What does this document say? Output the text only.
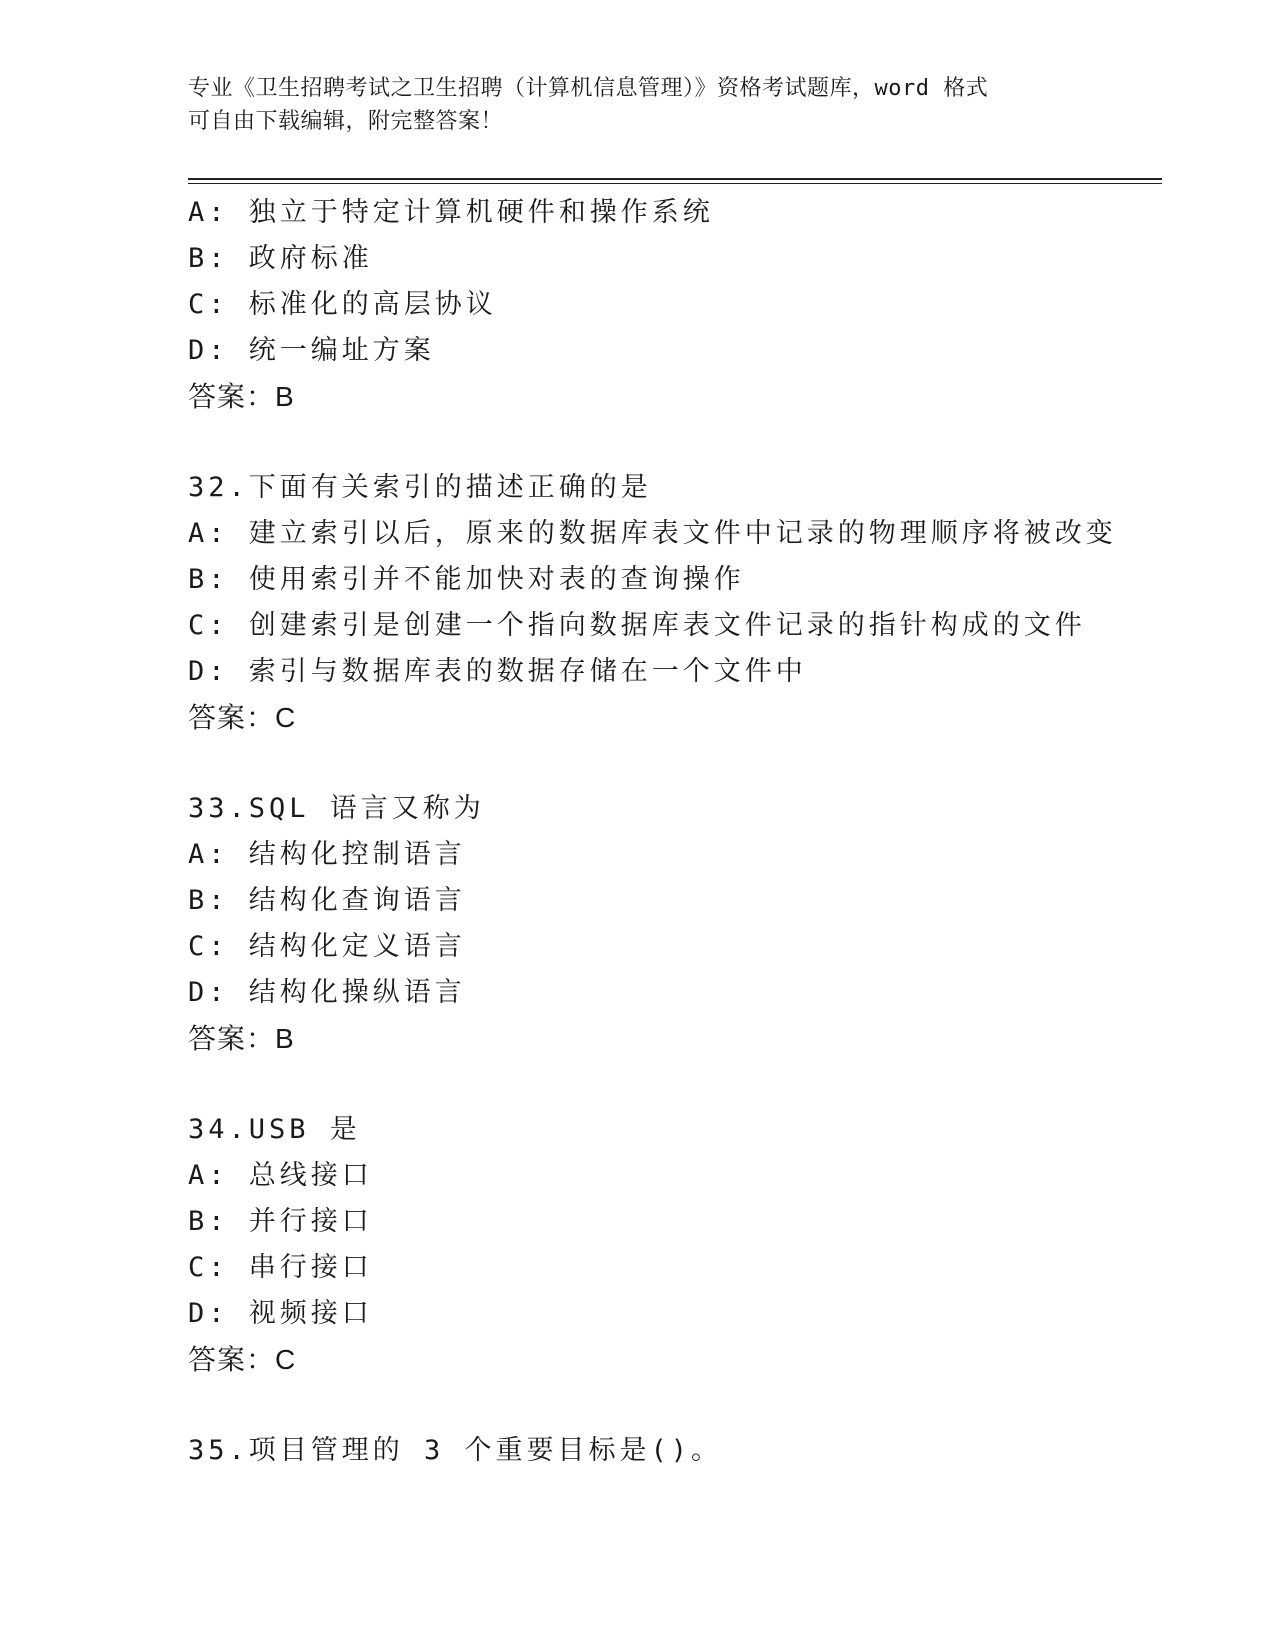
专业《卫生招聘考试之卫生招聘（计算机信息管理）》资格考试题库，word 格式
可自由下载编辑，附完整答案！
A: 独立于特定计算机硬件和操作系统
B: 政府标准
C: 标准化的高层协议
D: 统一编址方案
答案：B
32.下面有关索引的描述正确的是
A: 建立索引以后，原来的数据库表文件中记录的物理顺序将被改变
B: 使用索引并不能加快对表的查询操作
C: 创建索引是创建一个指向数据库表文件记录的指针构成的文件
D: 索引与数据库表的数据存储在一个文件中
答案：C
33.SQL 语言又称为
A: 结构化控制语言
B: 结构化查询语言
C: 结构化定义语言
D: 结构化操纵语言
答案：B
34.USB 是
A: 总线接口
B: 并行接口
C: 串行接口
D: 视频接口
答案：C
35.项目管理的 3 个重要目标是()。
